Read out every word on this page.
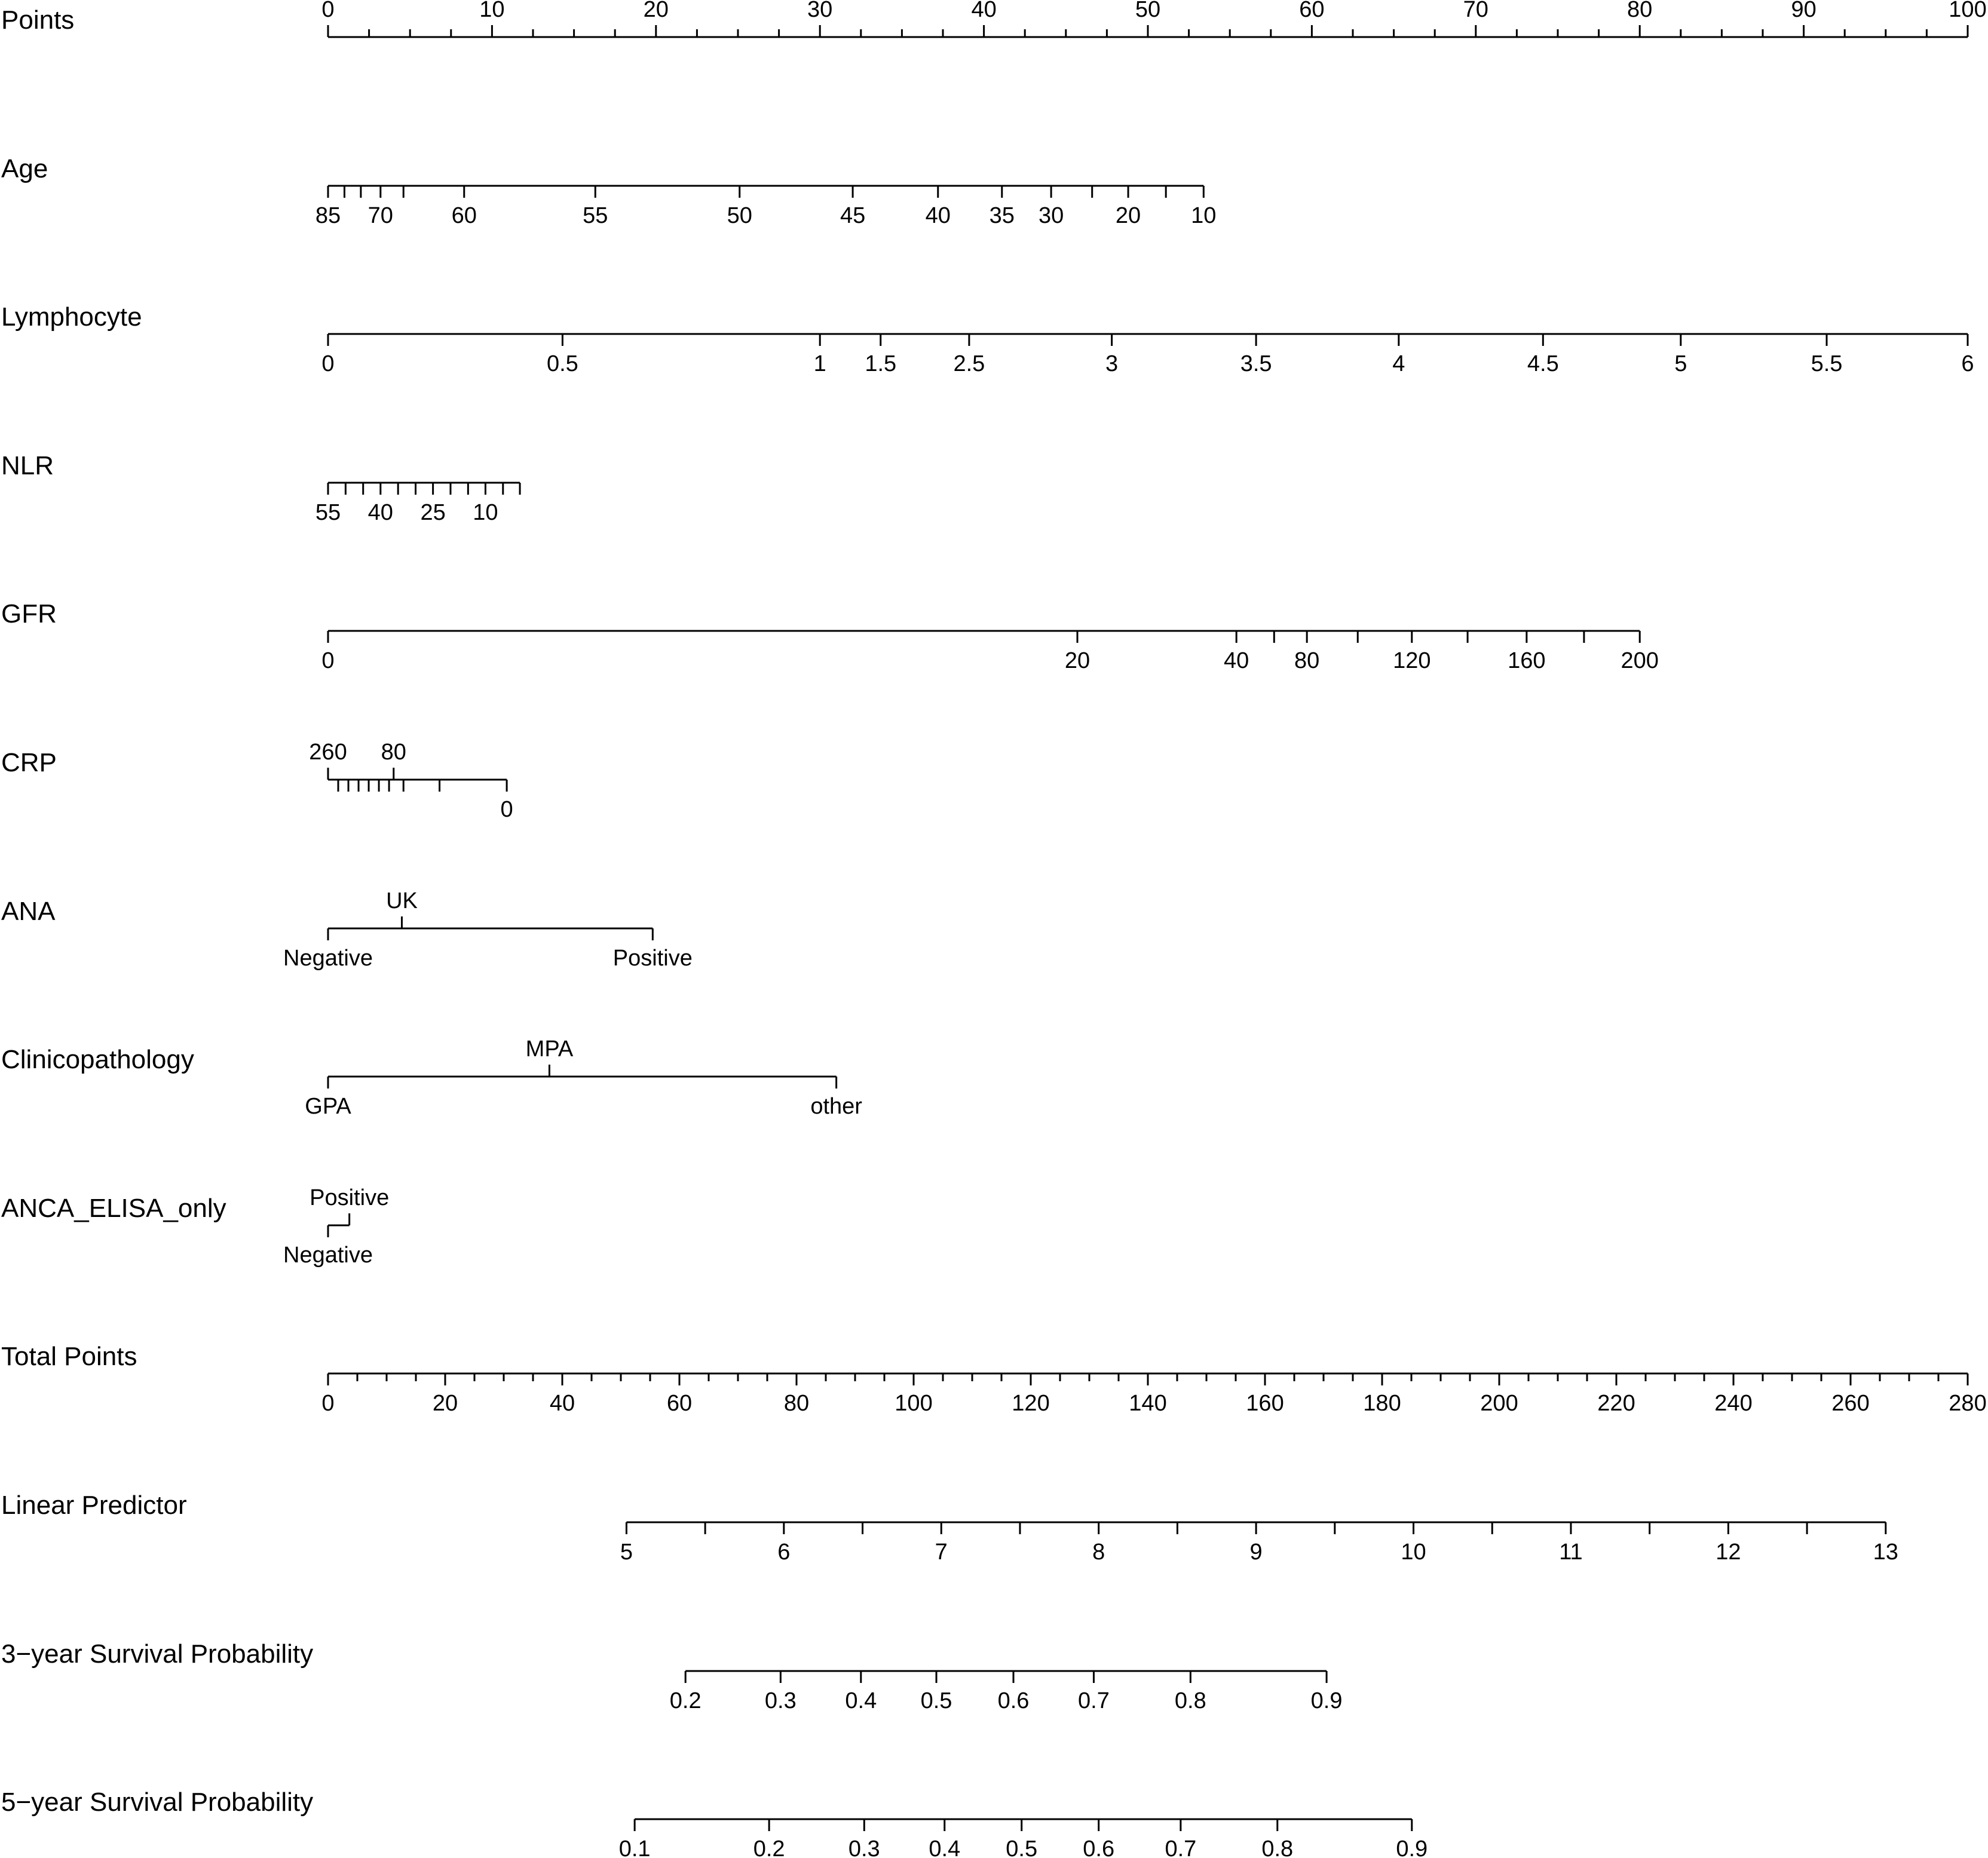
Points	0	10	20	30	40	50	60	70	80	90	100
Age
85 70	60	55	50	45	40 35 30 20 10
Lymphocyte
0	0.5	1 1.5	2.5	3	3.5	4	4.5	5	5.5	6
NLR
55 40 25 10
GFR
0	20	40 80	120	160	200
CRP	260 80
0
ANA
Negative
UK
Positive
Clinicopathology
GPA
MPA
other
ANCA_ELISA_only
Negative
Positive
Total Points
0	20	40	60	80	100	120	140	160	180	200	220	240	260	280
Linear Predictor
5	6	7	8	9	10	11	12	13
3−year Survival Probability
0.2	0.3 0.4 0.5 0.6 0.7	0.8	0.9
5−year Survival Probability
0.1	0.2	0.3 0.4 0.5 0.6 0.7	0.8	0.9
